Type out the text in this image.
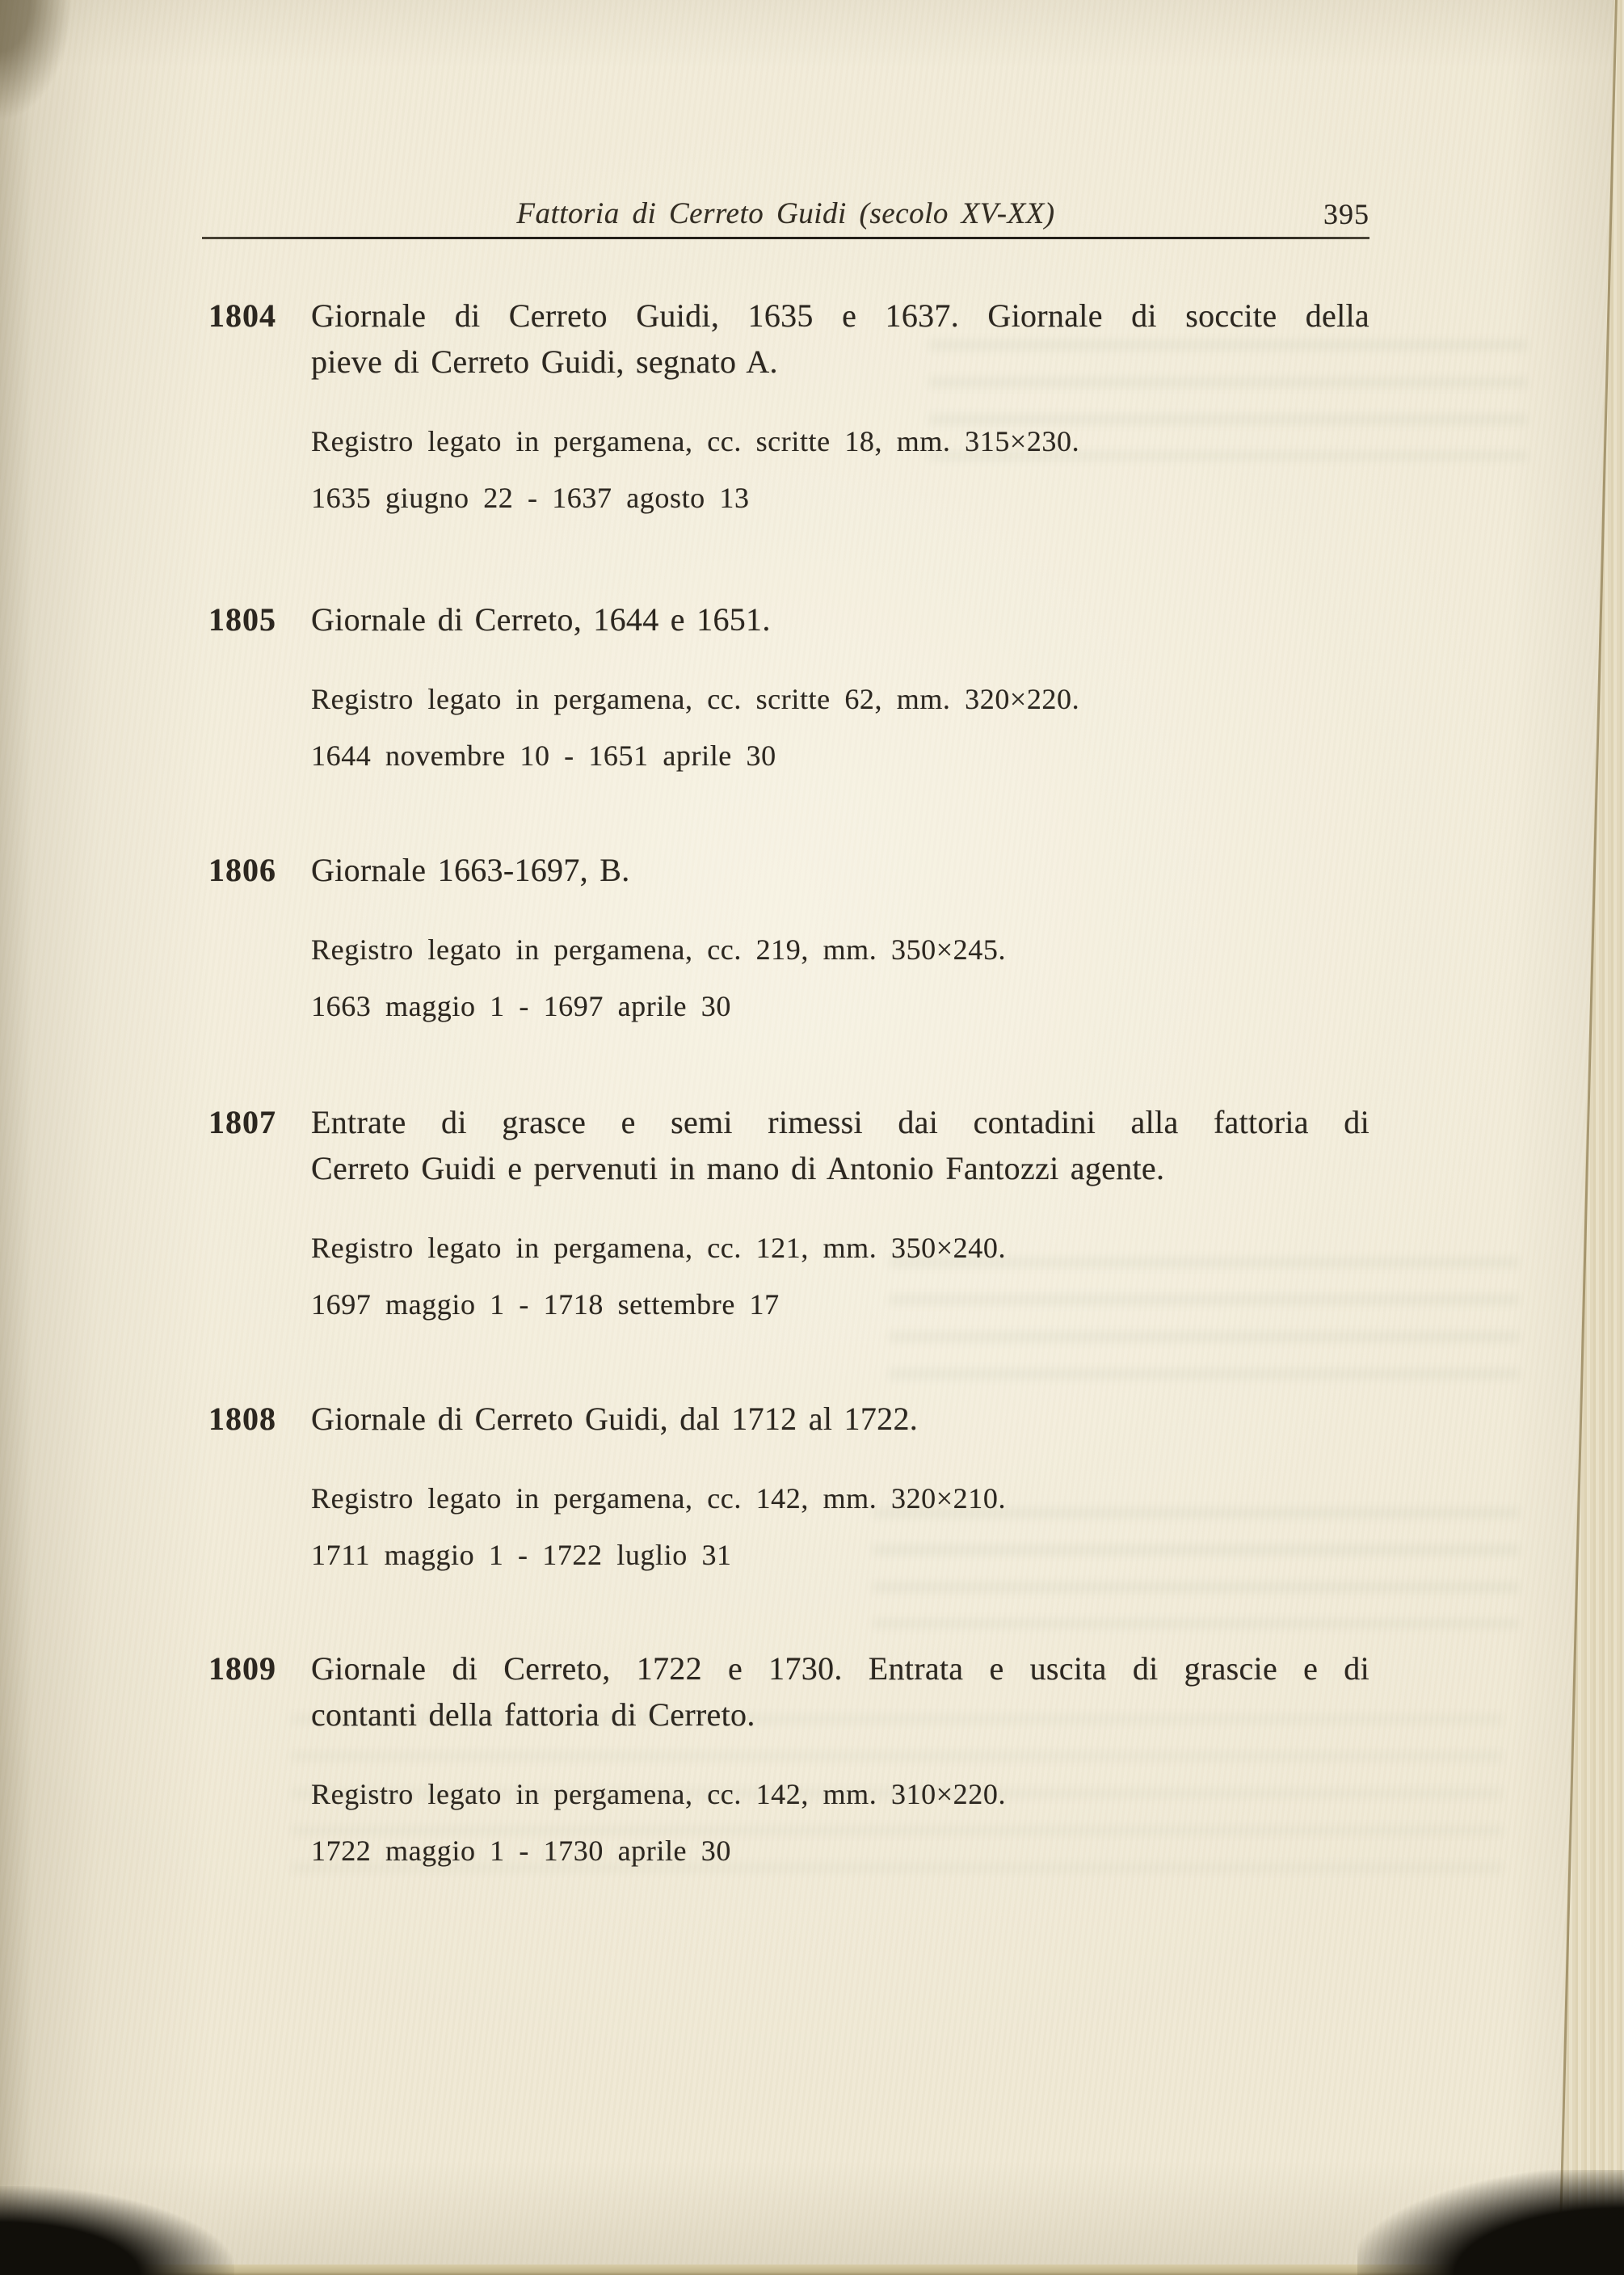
Fattoria di Cerreto Guidi (secolo XV-XX)	395
1804 Giornale di Cerreto Guidi, 1635 e 1637. Giornale di soccite della
pieve di Cerreto Guidi, segnato A.

Registro legato in pergamena, cc. scritte 18, mm. 315×230.

1635 giugno 22 - 1637 agosto 13

1805 Giornale di Cerreto, 1644 e 1651.

Registro legato in pergamena, cc. scritte 62, mm. 320×220.

1644 novembre 10 - 1651 aprile 30

1806 Giornale 1663-1697, B.

Registro legato in pergamena, cc. 219, mm. 350×245.

1663 maggio 1 - 1697 aprile 30

1807 Entrate di grasce e semi rimessi dai contadini alla fattoria di
Cerreto Guidi e pervenuti in mano di Antonio Fantozzi agente.

Registro legato in pergamena, cc. 121, mm. 350×240.

1697 maggio 1 - 1718 settembre 17

1808 Giornale di Cerreto Guidi, dal 1712 al 1722.

Registro legato in pergamena, cc. 142, mm. 320×210.

1711 maggio 1 - 1722 luglio 31

1809 Giornale di Cerreto, 1722 e 1730. Entrata e uscita di grascie e di
contanti della fattoria di Cerreto.

Registro legato in pergamena, cc. 142, mm. 310×220.

1722 maggio 1 - 1730 aprile 30
